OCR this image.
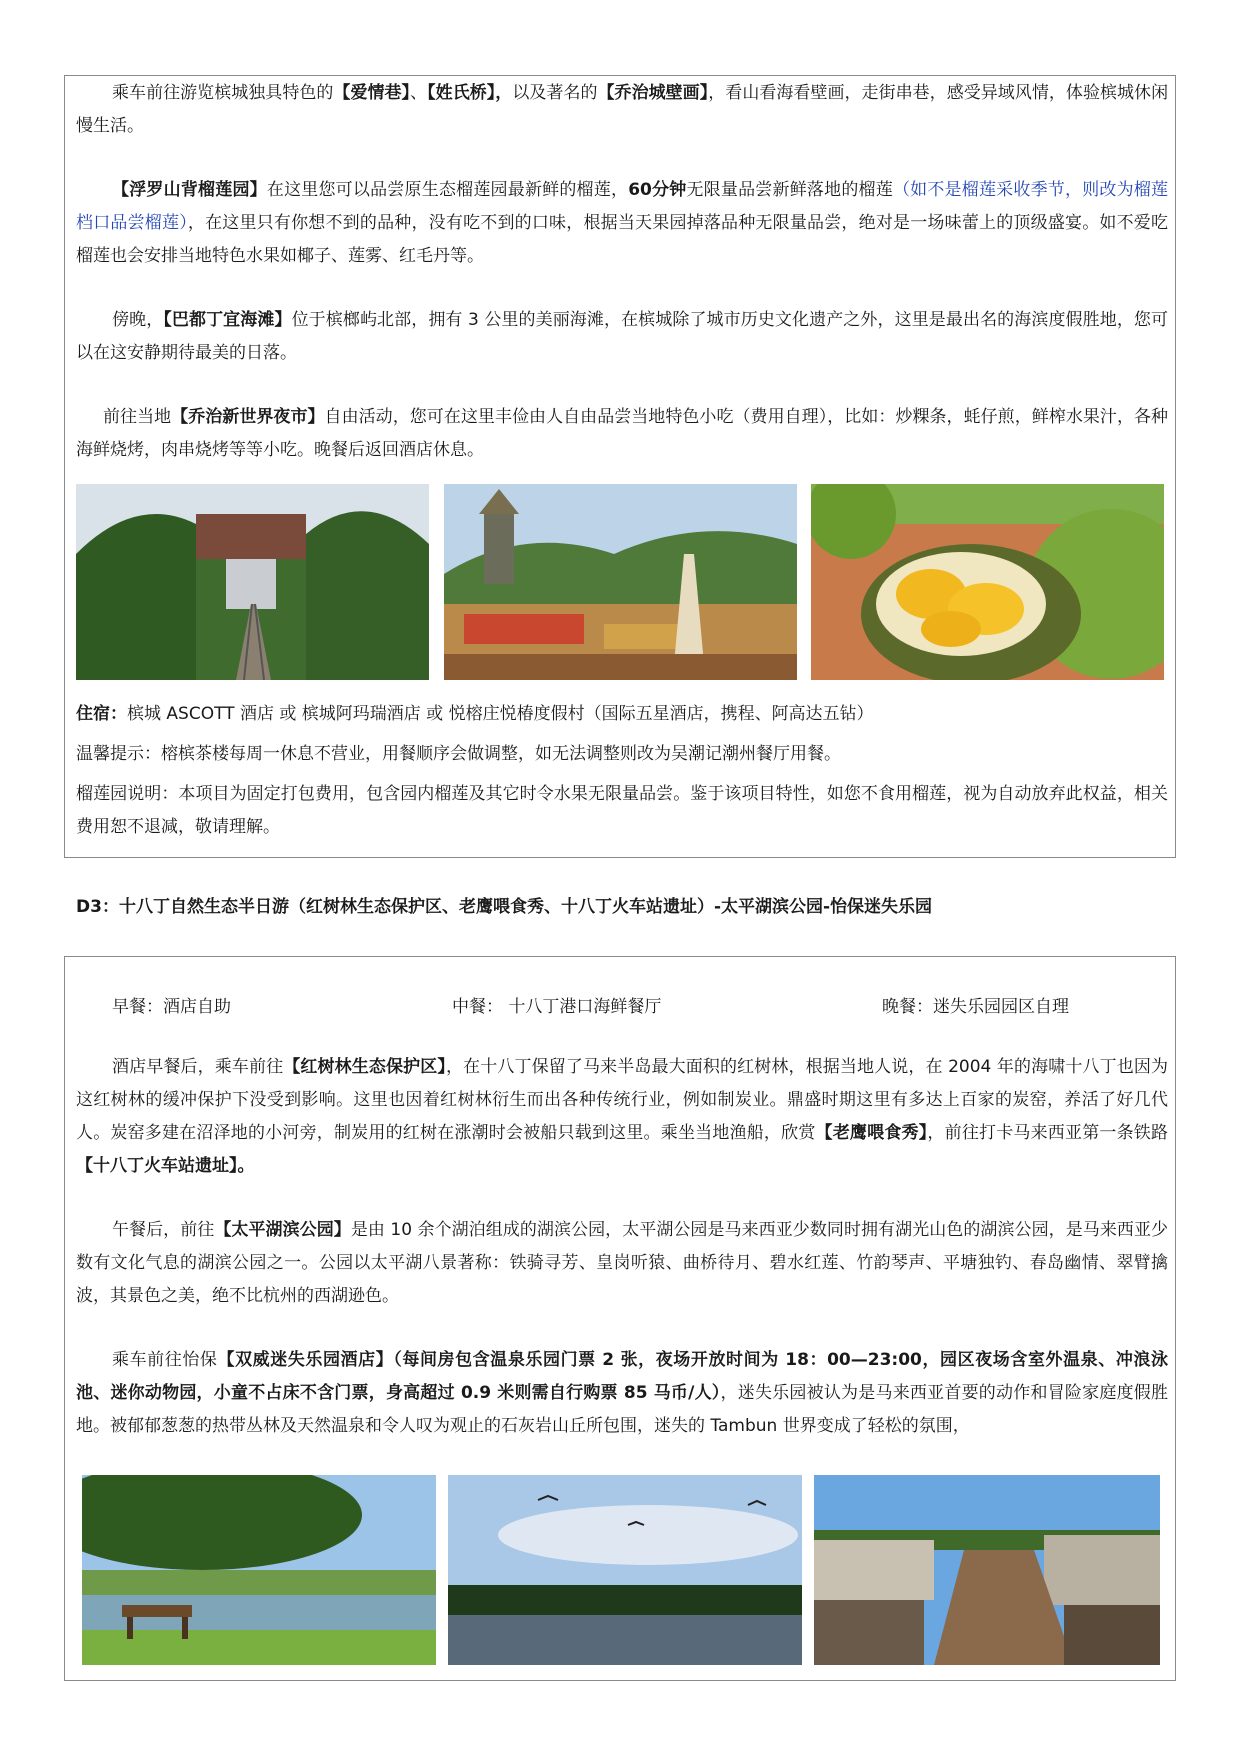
乘车前往游览槟城独具特色的【爱情巷】、【姓氏桥】，以及著名的【乔治城壁画】，看山看海看壁画，走街串巷，感受异域风情，体验槟城休闲慢生活。

【浮罗山背榴莲园】在这里您可以品尝原生态榴莲园最新鲜的榴莲，60分钟无限量品尝新鲜落地的榴莲（如不是榴莲采收季节，则改为榴莲档口品尝榴莲），在这里只有你想不到的品种，没有吃不到的口味，根据当天果园掉落品种无限量品尝，绝对是一场味蕾上的顶级盛宴。如不爱吃榴莲也会安排当地特色水果如椰子、莲雾、红毛丹等。

傍晚，【巴都丁宜海滩】位于槟榔屿北部，拥有 3 公里的美丽海滩，在槟城除了城市历史文化遗产之外，这里是最出名的海滨度假胜地，您可以在这安静期待最美的日落。

前往当地【乔治新世界夜市】自由活动，您可在这里丰俭由人自由品尝当地特色小吃（费用自理），比如：炒粿条，蚝仔煎，鲜榨水果汁，各种海鲜烧烤，肉串烧烤等等小吃。晚餐后返回酒店休息。

住宿：槟城 ASCOTT 酒店 或 槟城阿玛瑞酒店 或 悦榕庄悦椿度假村（国际五星酒店，携程、阿高达五钻）

温馨提示：榕槟茶楼每周一休息不营业，用餐顺序会做调整，如无法调整则改为吴潮记潮州餐厅用餐。

榴莲园说明：本项目为固定打包费用，包含园内榴莲及其它时令水果无限量品尝。鉴于该项目特性，如您不食用榴莲，视为自动放弃此权益，相关费用恕不退减，敬请理解。

D3：十八丁自然生态半日游（红树林生态保护区、老鹰喂食秀、十八丁火车站遗址）-太平湖滨公园-怡保迷失乐园

早餐：酒店自助	中餐： 十八丁港口海鲜餐厅	晚餐：迷失乐园园区自理

酒店早餐后，乘车前往【红树林生态保护区】，在十八丁保留了马来半岛最大面积的红树林，根据当地人说，在 2004 年的海啸十八丁也因为这红树林的缓冲保护下没受到影响。这里也因着红树林衍生而出各种传统行业，例如制炭业。鼎盛时期这里有多达上百家的炭窑，养活了好几代人。炭窑多建在沼泽地的小河旁，制炭用的红树在涨潮时会被船只载到这里。乘坐当地渔船，欣赏【老鹰喂食秀】，前往打卡马来西亚第一条铁路【十八丁火车站遗址】。

午餐后，前往【太平湖滨公园】是由 10 余个湖泊组成的湖滨公园，太平湖公园是马来西亚少数同时拥有湖光山色的湖滨公园，是马来西亚少数有文化气息的湖滨公园之一。公园以太平湖八景著称：铁骑寻芳、皇岗听猿、曲桥待月、碧水红莲、竹韵琴声、平塘独钓、春岛幽情、翠臂擒波，其景色之美，绝不比杭州的西湖逊色。

乘车前往怡保【双威迷失乐园酒店】（每间房包含温泉乐园门票 2 张，夜场开放时间为 18：00—23:00，园区夜场含室外温泉、冲浪泳池、迷你动物园，小童不占床不含门票，身高超过 0.9 米则需自行购票 85 马币/人），迷失乐园被认为是马来西亚首要的动作和冒险家庭度假胜地。被郁郁葱葱的热带丛林及天然温泉和令人叹为观止的石灰岩山丘所包围，迷失的 Tambun 世界变成了轻松的氛围，
